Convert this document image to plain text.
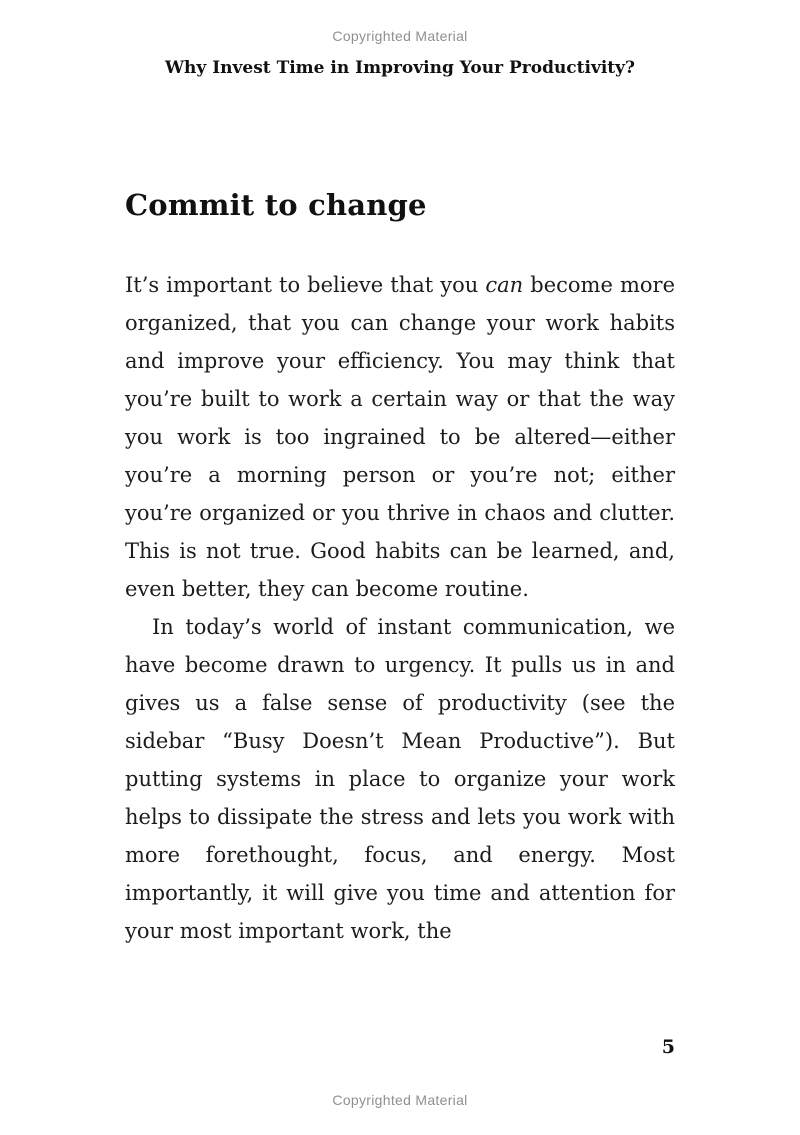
Copyrighted Material
Why Invest Time in Improving Your Productivity?
Commit to change

It’s important to believe that you can become more organized, that you can change your work habits and improve your efficiency. You may think that you’re built to work a certain way or that the way you work is too ingrained to be altered—either you’re a morning person or you’re not; either you’re organized or you thrive in chaos and clutter. This is not true. Good habits can be learned, and, even better, they can become routine.

In today’s world of instant communication, we have become drawn to urgency. It pulls us in and gives us a false sense of productivity (see the sidebar “Busy Doesn’t Mean Productive”). But putting systems in place to organize your work helps to dissipate the stress and lets you work with more forethought, focus, and energy. Most importantly, it will give you time and attention for your most important work, the

5
Copyrighted Material
